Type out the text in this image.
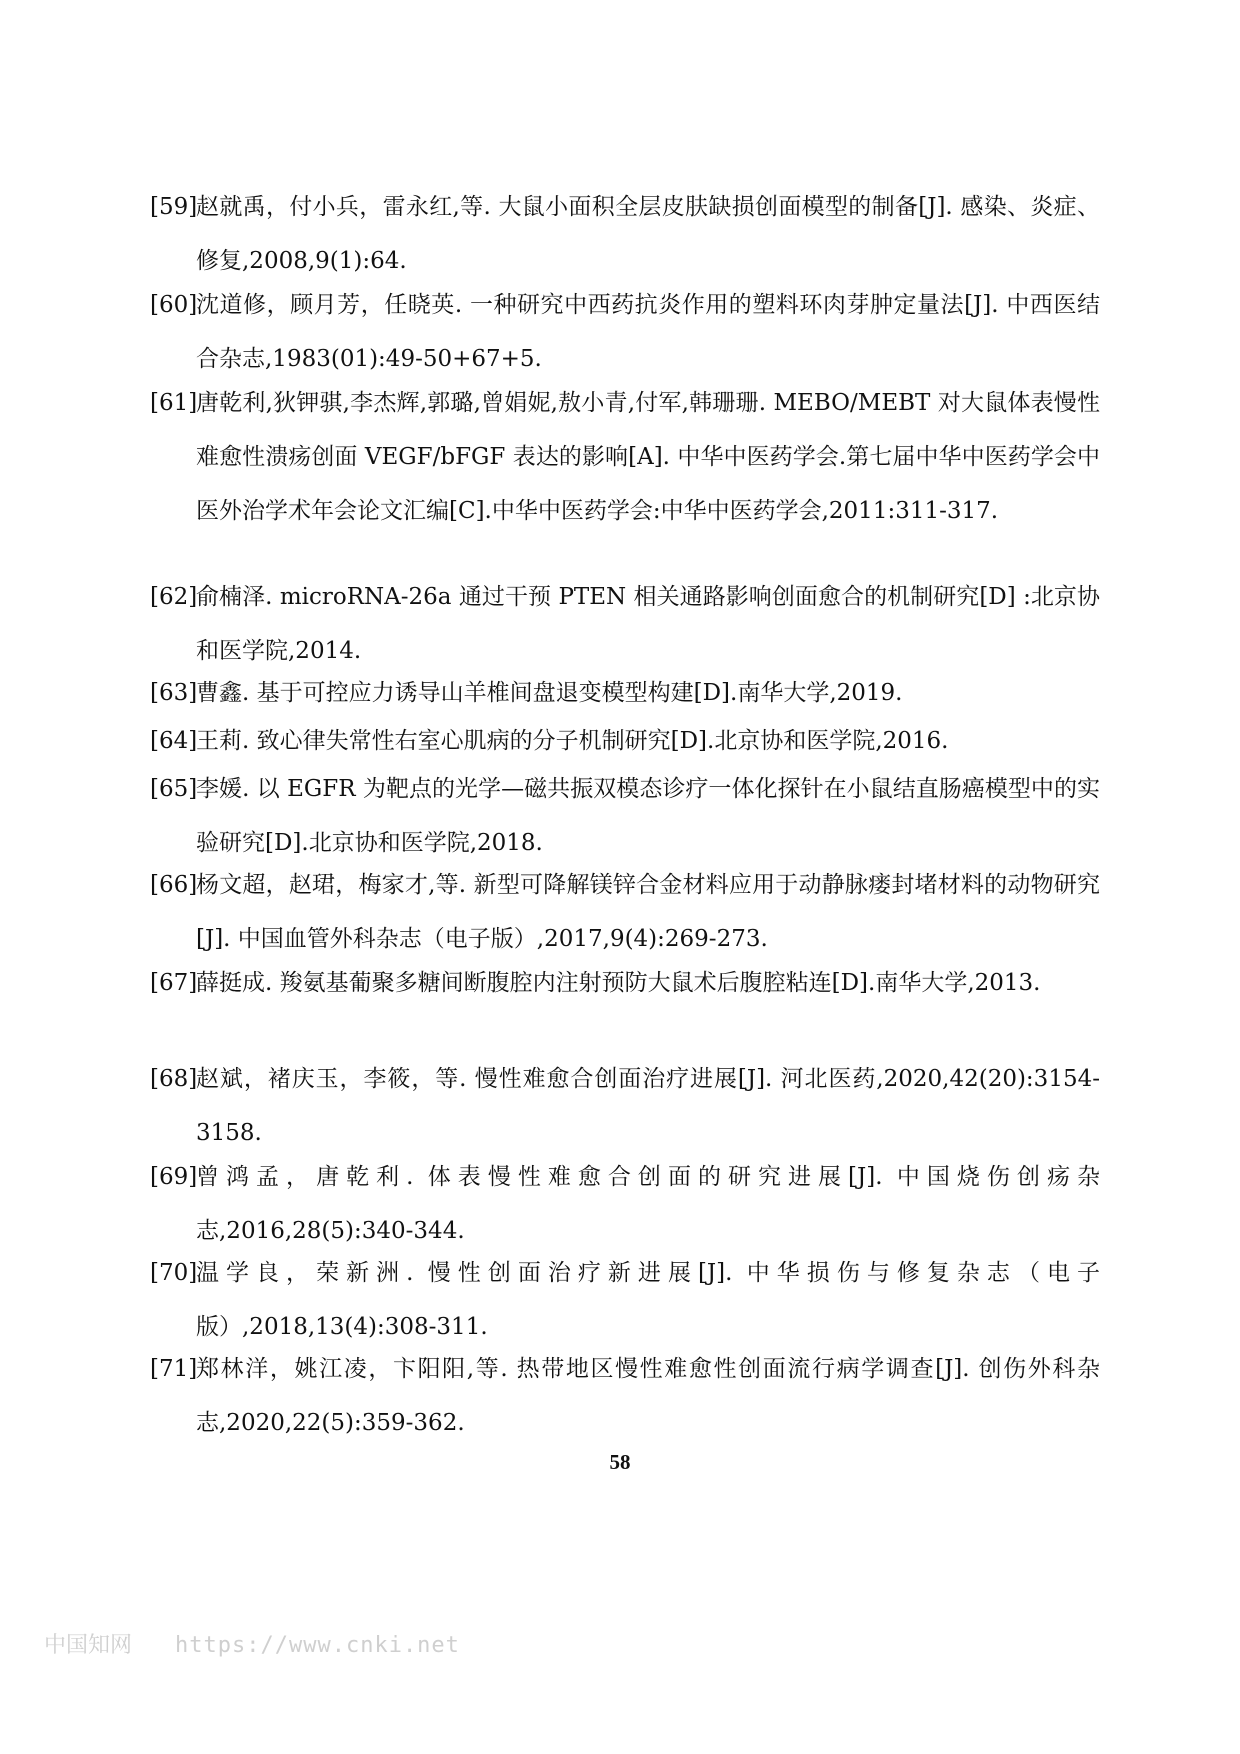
[59]
赵就禹，付小兵，雷永红,等. 大鼠小面积全层皮肤缺损创面模型的制备[J]. 感染、炎症、修复,2008,9(1):64.
[60]
沈道修，顾月芳，任晓英. 一种研究中西药抗炎作用的塑料环肉芽肿定量法[J]. 中西医结合杂志,1983(01):49-50+67+5.
[61]
唐乾利,狄钾骐,李杰辉,郭璐,曾娟妮,敖小青,付军,韩珊珊. MEBO/MEBT 对大鼠体表慢性难愈性溃疡创面 VEGF/bFGF 表达的影响[A]. 中华中医药学会.第七届中华中医药学会中医外治学术年会论文汇编[C].中华中医药学会:中华中医药学会,2011:311-317.
[62]
俞楠泽. microRNA-26a 通过干预 PTEN 相关通路影响创面愈合的机制研究[D] :北京协和医学院,2014.
[63]
曹鑫. 基于可控应力诱导山羊椎间盘退变模型构建[D].南华大学,2019.
[64]
王莉. 致心律失常性右室心肌病的分子机制研究[D].北京协和医学院,2016.
[65]
李媛. 以 EGFR 为靶点的光学—磁共振双模态诊疗一体化探针在小鼠结直肠癌模型中的实验研究[D].北京协和医学院,2018.
[66]
杨文超，赵珺，梅家才,等. 新型可降解镁锌合金材料应用于动静脉瘘封堵材料的动物研究[J]. 中国血管外科杂志（电子版）,2017,9(4):269-273.
[67]
薛挺成. 羧氨基葡聚多糖间断腹腔内注射预防大鼠术后腹腔粘连[D].南华大学,2013.
[68]
赵斌，褚庆玉，李筱，等. 慢性难愈合创面治疗进展[J]. 河北医药,2020,42(20):3154-3158.
[69]
曾鸿孟，唐乾利. 体表慢性难愈合创面的研究进展[J]. 中国烧伤创疡杂志,2016,28(5):340-344.
[70]
温学良，荣新洲. 慢性创面治疗新进展[J]. 中华损伤与修复杂志（电子版）,2018,13(4):308-311.
[71]
郑林洋，姚江凌，卞阳阳,等. 热带地区慢性难愈性创面流行病学调查[J]. 创伤外科杂志,2020,22(5):359-362.
58
中国知网 https://www.cnki.net
